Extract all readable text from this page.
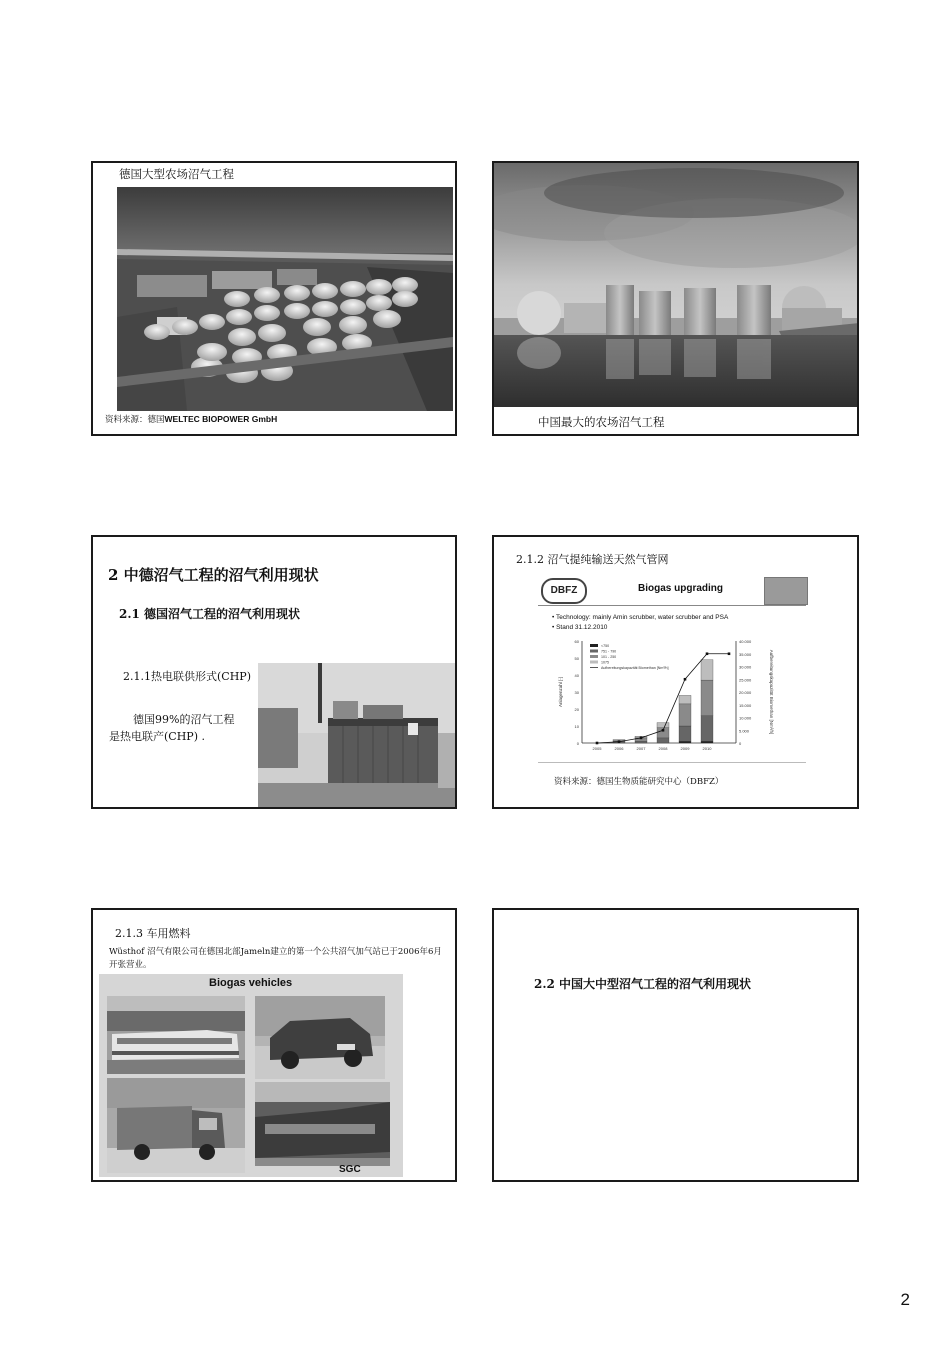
德国大型农场沼气工程
资料来源：德国WELTEC BIOPOWER GmbH	中国最大的农场沼气工程
2 中德沼气工程的沼气利用现状
2.1 德国沼气工程的沼气利用现状
2.1.1热电联供形式(CHP)
德国99%的沼气工程
是热电联产(CHP) .
2.1.2 沼气提纯输送天然气管网
DBFZ	Biogas upgrading
• Technology: mainly Amin scrubber, water scrubber and PSA
• Stand 31.12.2010
0
10
20
30
40
50
60
0
5.000
10.000
15.000
20.000
25.000
30.000
35.000
40.000
Anlagenzahl [-]	Aufbereitungskapazität Biomethan [Nm³/h]
2005	2006	2007	2008	2009	2010
<750
751 - 790
101 - 250
1075
Aufbereitungskapazität Biomethan [Nm³/h]
资料来源：德国生物质能研究中心（DBFZ）
2.1.3 车用燃料
Wüsthof 沼气有限公司在德国北部Jameln建立的第一个公共沼气加气站已于2006年6月开张营业。
Biogas vehicles
SGC
2.2 中国大中型沼气工程的沼气利用现状
2
